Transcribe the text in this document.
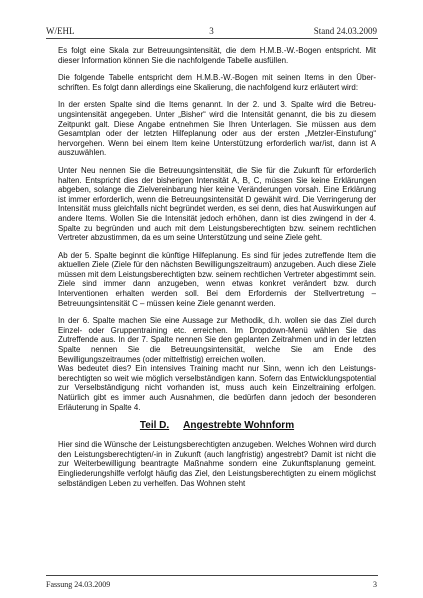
W/EHL	3	Stand 24.03.2009

Es folgt eine Skala zur Betreuungsintensität, die dem H.M.B.-W.-Bogen entspricht. Mit dieser Information können Sie die nachfolgende Tabelle ausfüllen.

Die folgende Tabelle entspricht dem H.M.B.-W.-Bogen mit seinen Items in den Überschriften. Es folgt dann allerdings eine Skalierung, die nachfolgend kurz erläutert wird:

In der ersten Spalte sind die Items genannt. In der 2. und 3. Spalte wird die Betreuungsintensität angegeben. Unter „Bisher“ wird die Intensität genannt, die bis zu diesem Zeitpunkt galt. Diese Angabe entnehmen Sie Ihren Unterlagen. Sie müssen aus dem Gesamtplan oder der letzten Hilfeplanung oder aus der ersten „Metzler-Einstufung“ hervorgehen. Wenn bei einem Item keine Unterstützung erforderlich war/ist, dann ist A auszuwählen.

Unter Neu nennen Sie die Betreuungsintensität, die Sie für die Zukunft für erforderlich halten. Entspricht dies der bisherigen Intensität A, B, C, müssen Sie keine Erklärungen abgeben, solange die Zielvereinbarung hier keine Veränderungen vorsah. Eine Erklärung ist immer erforderlich, wenn die Betreuungsintensität D gewählt wird. Die Verringerung der Intensität muss gleichfalls nicht begründet werden, es sei denn, dies hat Auswirkungen auf andere Items. Wollen Sie die Intensität jedoch erhöhen, dann ist dies zwingend in der 4. Spalte zu begründen und auch mit dem Leistungsberechtigten bzw. seinem rechtlichen Vertreter abzustimmen, da es um seine Unterstützung und seine Ziele geht.

Ab der 5. Spalte beginnt die künftige Hilfeplanung. Es sind für jedes zutreffende Item die aktuellen Ziele (Ziele für den nächsten Bewilligungszeitraum) anzugeben. Auch diese Ziele müssen mit dem Leistungsberechtigten bzw. seinem rechtlichen Vertreter abgestimmt sein. Ziele sind immer dann anzugeben, wenn etwas konkret verändert bzw. durch Interventionen erhalten werden soll. Bei dem Erfordernis der Stellvertretung – Betreuungsintensität C – müssen keine Ziele genannt werden.

In der 6. Spalte machen Sie eine Aussage zur Methodik, d.h. wollen sie das Ziel durch Einzel- oder Gruppentraining etc. erreichen. Im Dropdown-Menü wählen Sie das Zutreffende aus. In der 7. Spalte nennen Sie den geplanten Zeitrahmen und in der letzten Spalte nennen Sie die Betreuungsintensität, welche Sie am Ende des Bewilligungszeitraumes (oder mittelfristig) erreichen wollen.

Was bedeutet dies? Ein intensives Training macht nur Sinn, wenn ich den Leistungsberechtigten so weit wie möglich verselbständigen kann. Sofern das Entwicklungspotential zur Verselbständigung nicht vorhanden ist, muss auch kein Einzeltraining erfolgen. Natürlich gibt es immer auch Ausnahmen, die bedürfen dann jedoch der besonderen Erläuterung in Spalte 4.

Teil D. Angestrebte Wohnform

Hier sind die Wünsche der Leistungsberechtigten anzugeben. Welches Wohnen wird durch den Leistungsberechtigten/-in in Zukunft (auch langfristig) angestrebt? Damit ist nicht die zur Weiterbewilligung beantragte Maßnahme sondern eine Zukunftsplanung gemeint. Eingliederungshilfe verfolgt häufig das Ziel, den Leistungsberechtigten zu einem möglichst selbständigen Leben zu verhelfen. Das Wohnen steht

Fassung 24.03.2009	3
